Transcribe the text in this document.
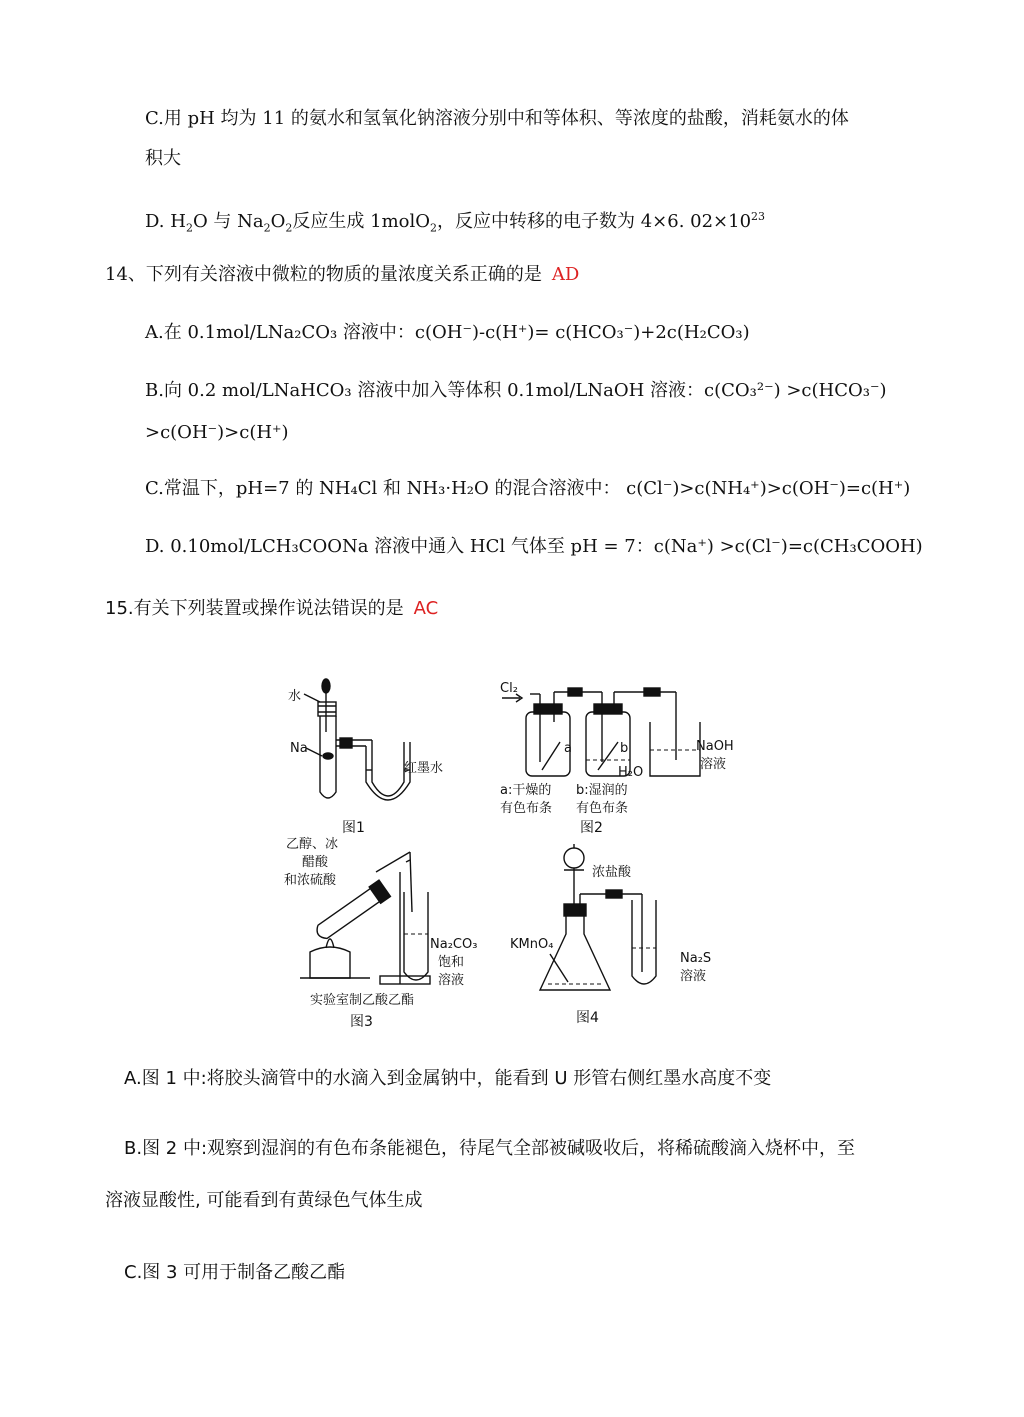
C.用 pH 均为 11 的氨水和氢氧化钠溶液分别中和等体积、等浓度的盐酸，消耗氨水的体
积大
D. $H_2O$ 与 $Na_2O_2$反应生成 1molO$_2$，反应中转移的电子数为 4×6. $02\times 10^{23}$
14、下列有关溶液中微粒的物质的量浓度关系正确的是 AD
A.在 0.1mol/LNa₂CO₃ 溶液中：c(OH⁻)-c(H⁺)= c(HCO₃⁻)+2c(H₂CO₃)
B.向 0.2 mol/LNaHCO₃ 溶液中加入等体积 0.1mol/LNaOH 溶液：c(CO₃²⁻) >c(HCO₃⁻)
>c(OH⁻)>c(H⁺)
C.常温下，pH=7 的 NH₄Cl 和 NH₃·H₂O 的混合溶液中： c(Cl⁻)>c(NH₄⁺)>c(OH⁻)=c(H⁺)
D. 0.10mol/LCH₃COONa 溶液中通入 HCl 气体至 pH = 7：c(Na⁺) >c(Cl⁻)=c(CH₃COOH)
15.有关下列装置或操作说法错误的是 AC
水
Na
红墨水
图1
Cl₂
a	b
H₂O
NaOH
溶液
a:干燥的
有色布条
b:湿润的
有色布条
图2
乙醇、冰
醋酸
和浓硫酸
Na₂CO₃
饱和
溶液
实验室制乙酸乙酯
图3
浓盐酸
KMnO₄
Na₂S
溶液
图4
A.图 1 中:将胶头滴管中的水滴入到金属钠中，能看到 U 形管右侧红墨水高度不变
B.图 2 中:观察到湿润的有色布条能褪色，待尾气全部被碱吸收后，将稀硫酸滴入烧杯中，至
溶液显酸性, 可能看到有黄绿色气体生成
C.图 3 可用于制备乙酸乙酯
